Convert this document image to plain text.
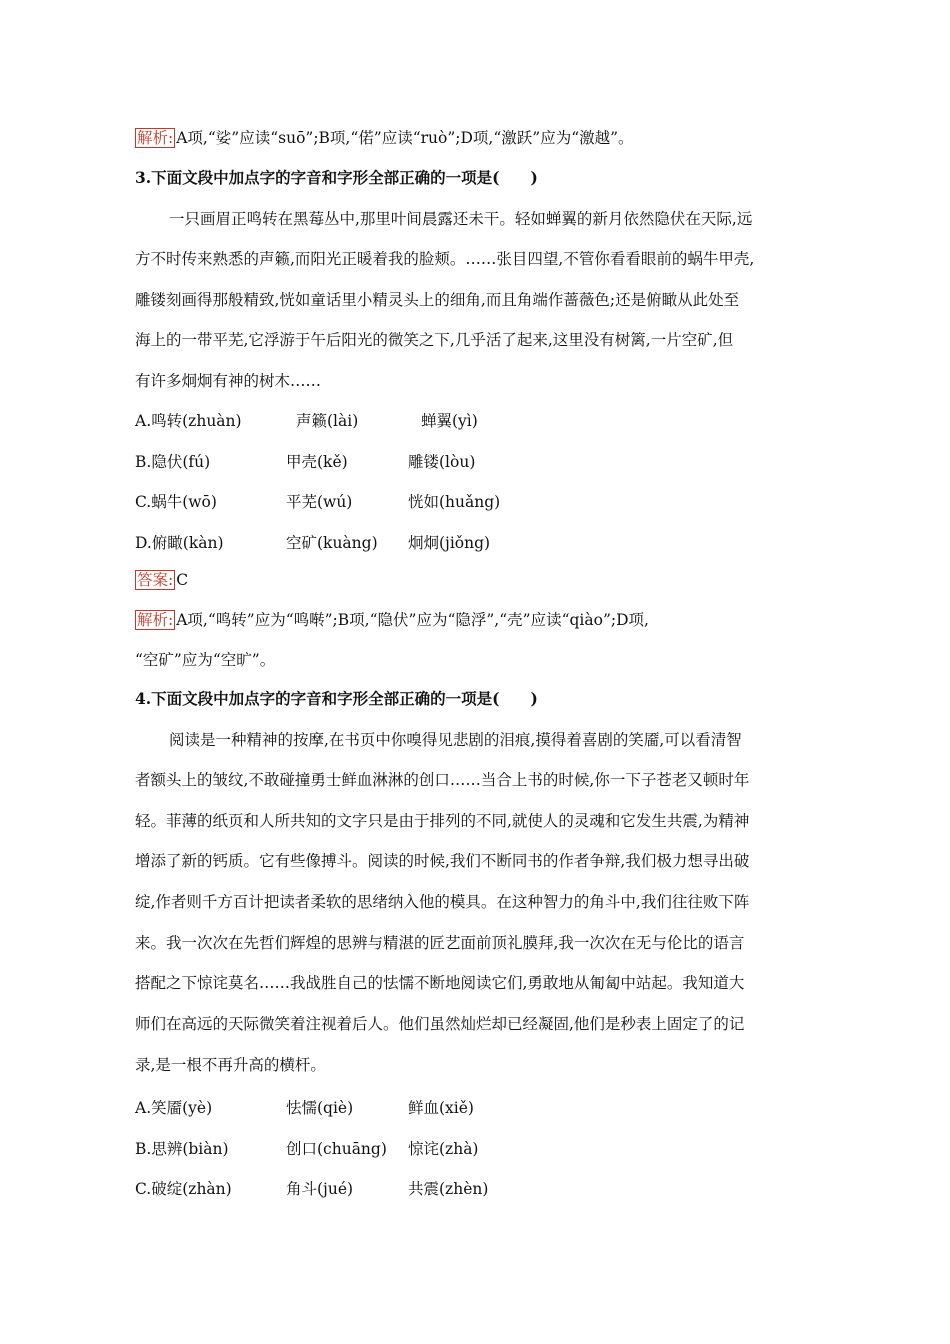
解析: A项,“娑”应读“suō”;B项,“偌”应读“ruò”;D项,“激跃”应为“激越”。
3.下面文段中加点字的字音和字形全部正确的一项是(　　)
一只画眉正鸣转在黑莓丛中,那里叶间晨露还未干。轻如蝉翼的新月依然隐伏在天际,远
方不时传来熟悉的声籁,而阳光正暖着我的脸颊。……张目四望,不管你看看眼前的蜗牛甲壳,
雕镂刻画得那般精致,恍如童话里小精灵头上的细角,而且角端作蔷薇色;还是俯瞰从此处至
海上的一带平芜,它浮游于午后阳光的微笑之下,几乎活了起来,这里没有树篱,一片空矿,但
有许多炯炯有神的树木……
A.鸣转(zhuàn)	声籁(lài)	蝉翼(yì)
B.隐伏(fú)	甲壳(kě)	雕镂(lòu)
C.蜗牛(wō)	平芜(wú)	恍如(huǎng)
D.俯瞰(kàn)	空矿(kuàng) 炯炯(jiǒng)
答案: C
解析: A项,“鸣转”应为“鸣啭”;B项,“隐伏”应为“隐浮”,“壳”应读“qiào”;D项,
“空矿”应为“空旷”。
4.下面文段中加点字的字音和字形全部正确的一项是(　　)
阅读是一种精神的按摩,在书页中你嗅得见悲剧的泪痕,摸得着喜剧的笑靥,可以看清智
者额头上的皱纹,不敢碰撞勇士鲜血淋淋的创口……当合上书的时候,你一下子苍老又顿时年
轻。菲薄的纸页和人所共知的文字只是由于排列的不同,就使人的灵魂和它发生共震,为精神
增添了新的钙质。它有些像搏斗。阅读的时候,我们不断同书的作者争辩,我们极力想寻出破
绽,作者则千方百计把读者柔软的思绪纳入他的模具。在这种智力的角斗中,我们往往败下阵
来。我一次次在先哲们辉煌的思辨与精湛的匠艺面前顶礼膜拜,我一次次在无与伦比的语言
搭配之下惊诧莫名……我战胜自己的怯懦不断地阅读它们,勇敢地从匍匐中站起。我知道大
师们在高远的天际微笑着注视着后人。他们虽然灿烂却已经凝固,他们是秒表上固定了的记
录,是一根不再升高的横杆。
A.笑靥(yè)	怯懦(qiè)	鲜血(xiě)
B.思辨(biàn)	创口(chuāng) 惊诧(zhà)
C.破绽(zhàn)	角斗(jué)	共震(zhèn)
